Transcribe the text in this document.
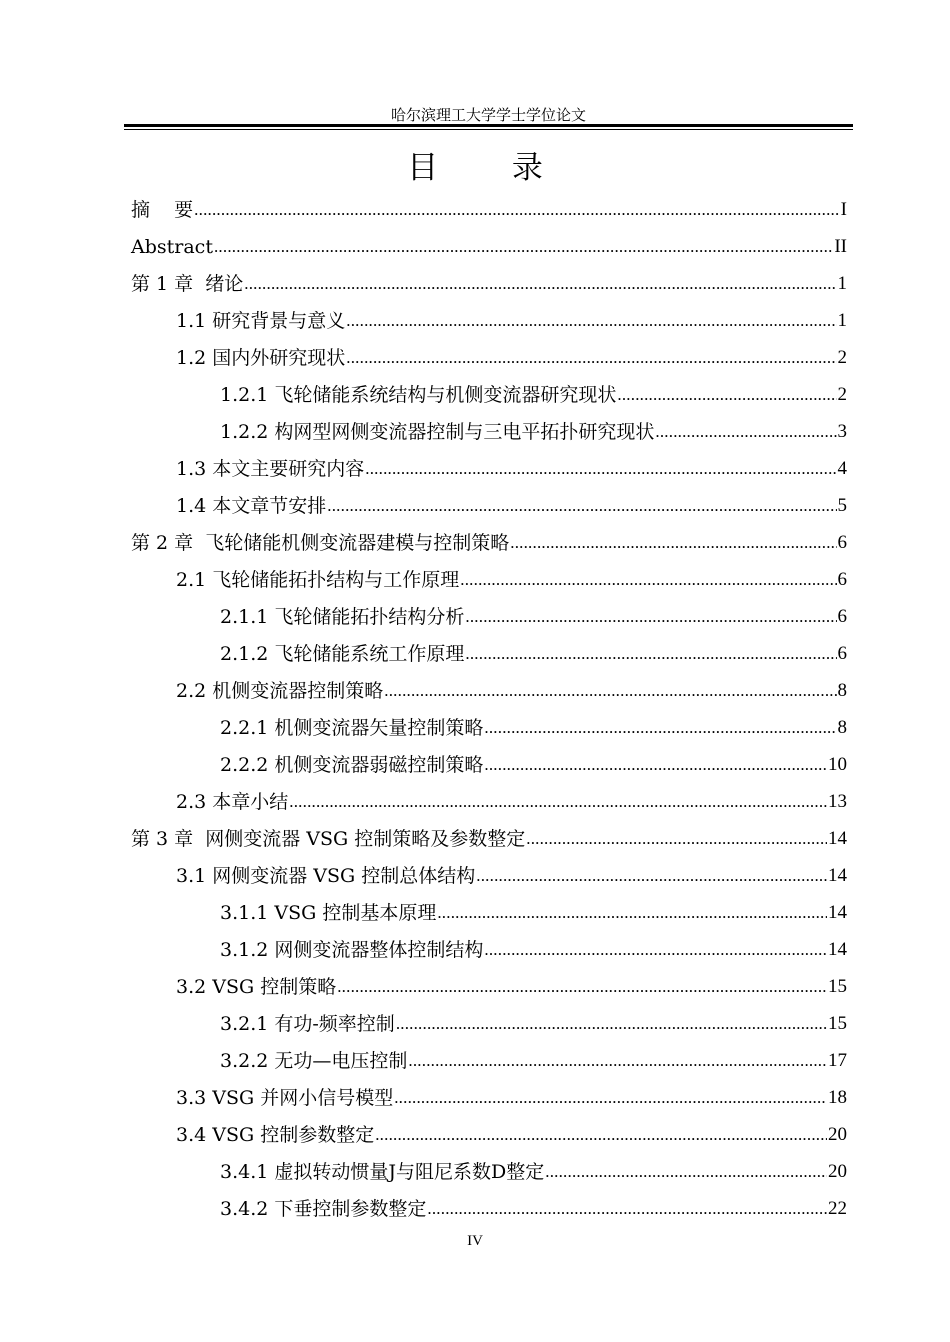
哈尔滨理工大学学士学位论文
目 录
摘    要 .....	I
Abstract .....	II
第 1 章  绪论 .....	1
1.1 研究背景与意义 .....	1
1.2 国内外研究现状 .....	2
1.2.1 飞轮储能系统结构与机侧变流器研究现状 .....	2
1.2.2 构网型网侧变流器控制与三电平拓扑研究现状 .....	3
1.3 本文主要研究内容 .....	4
1.4 本文章节安排 .....	5
第 2 章  飞轮储能机侧变流器建模与控制策略 .....	6
2.1 飞轮储能拓扑结构与工作原理 .....	6
2.1.1 飞轮储能拓扑结构分析 .....	6
2.1.2 飞轮储能系统工作原理 .....	6
2.2 机侧变流器控制策略 .....	8
2.2.1 机侧变流器矢量控制策略 .....	8
2.2.2 机侧变流器弱磁控制策略 .....	10
2.3 本章小结 .....	13
第 3 章  网侧变流器 VSG 控制策略及参数整定 .....	14
3.1 网侧变流器 VSG 控制总体结构 .....	14
3.1.1 VSG 控制基本原理 .....	14
3.1.2 网侧变流器整体控制结构 .....	14
3.2 VSG 控制策略 .....	15
3.2.1 有功-频率控制 .....	15
3.2.2 无功—电压控制 .....	17
3.3 VSG 并网小信号模型 .....	18
3.4 VSG 控制参数整定 .....	20
3.4.1 虚拟转动惯量J与阻尼系数D整定 .....	20
3.4.2 下垂控制参数整定 .....	22
IV
